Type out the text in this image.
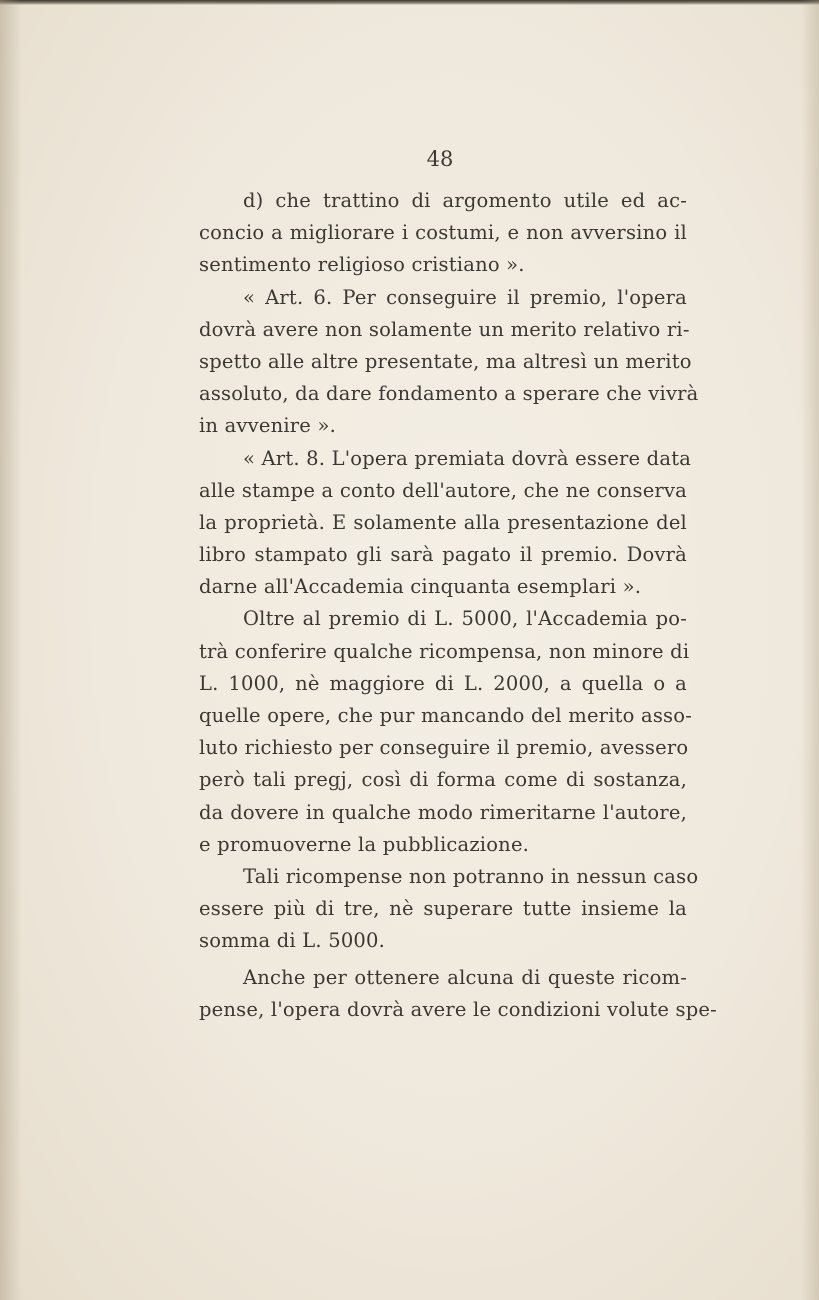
48
d) che trattino di argomento utile ed ac-
concio a migliorare i costumi, e non avversino il
sentimento religioso cristiano ».
« Art. 6. Per conseguire il premio, l'opera
dovrà avere non solamente un merito relativo ri-
spetto alle altre presentate, ma altresì un merito
assoluto, da dare fondamento a sperare che vivrà
in avvenire ».
« Art. 8. L'opera premiata dovrà essere data
alle stampe a conto dell'autore, che ne conserva
la proprietà. E solamente alla presentazione del
libro stampato gli sarà pagato il premio. Dovrà
darne all'Accademia cinquanta esemplari ».
Oltre al premio di L. 5000, l'Accademia po-
trà conferire qualche ricompensa, non minore di
L. 1000, nè maggiore di L. 2000, a quella o a
quelle opere, che pur mancando del merito asso-
luto richiesto per conseguire il premio, avessero
però tali pregj, così di forma come di sostanza,
da dovere in qualche modo rimeritarne l'autore,
e promuoverne la pubblicazione.
Tali ricompense non potranno in nessun caso
essere più di tre, nè superare tutte insieme la
somma di L. 5000.
Anche per ottenere alcuna di queste ricom-
pense, l'opera dovrà avere le condizioni volute spe-
